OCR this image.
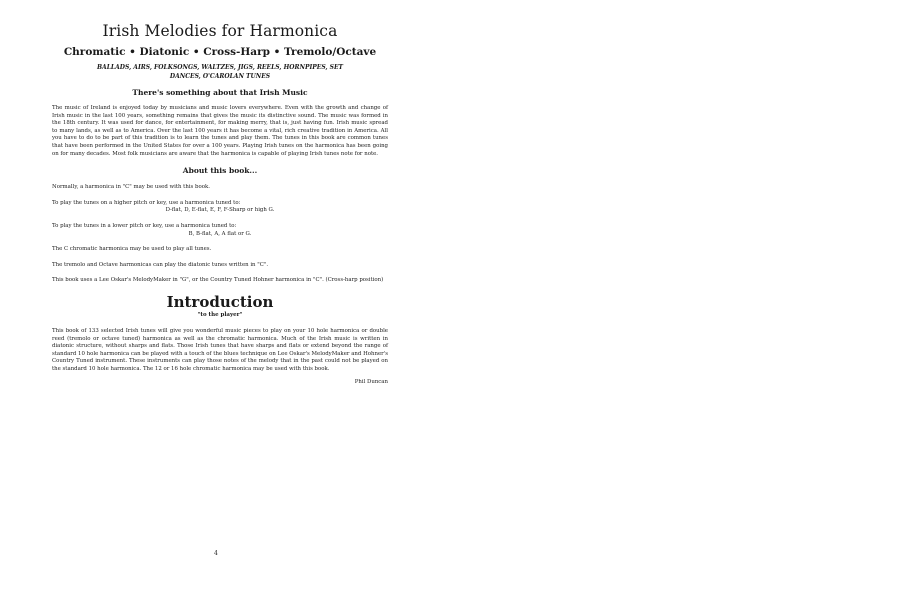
Irish Melodies for Harmonica
Chromatic • Diatonic • Cross-Harp • Tremolo/Octave
BALLADS, AIRS, FOLKSONGS, WALTZES, JIGS, REELS, HORNPIPES, SET DANCES, O'CAROLAN TUNES
There's something about that Irish Music

The music of Ireland is enjoyed today by musicians and music lovers everywhere. Even with the growth and change of Irish music in the last 100 years, something remains that gives the music its distinctive sound. The music was formed in the 18th century. It was used for dance, for entertainment, for making merry, that is, just having fun. Irish music spread to many lands, as well as to America. Over the last 100 years it has become a vital, rich creative tradition in America. All you have to do to be part of this tradition is to learn the tunes and play them. The tunes in this book are common tunes that have been performed in the United States for over a 100 years. Playing Irish tunes on the harmonica has been going on for many decades. Most folk musicians are aware that the harmonica is capable of playing Irish tunes note for note.

About this book...

Normally, a harmonica in "C" may be used with this book.

To play the tunes on a higher pitch or key, use a harmonica tuned to:

D-flat, D, E-flat, E, F, F-Sharp or high G.

To play the tunes in a lower pitch or key, use a harmonica tuned to:

B, B-flat, A, A flat or G.

The C chromatic harmonica may be used to play all tunes.

The tremolo and Octave harmonicas can play the diatonic tunes written in "C".

This book uses a Lee Oskar's MelodyMaker in "G", or the Country Tuned Hohner harmonica in "C". (Cross-harp position)

Introduction
"to the player"

This book of 133 selected Irish tunes will give you wonderful music pieces to play on your 10 hole harmonica or double reed (tremolo or octave tuned) harmonica as well as the chromatic harmonica. Much of the Irish music is written in diatonic structure, without sharps and flats. Those Irish tunes that have sharps and flats or extend beyond the range of standard 10 hole harmonica can be played with a touch of the blues technique on Lee Oskar's MelodyMaker and Hohner's Country Tuned instrument. These instruments can play those notes of the melody that in the past could not be played on the standard 10 hole harmonica. The 12 or 16 hole chromatic harmonica may be used with this book.

Phil Duncan
4
